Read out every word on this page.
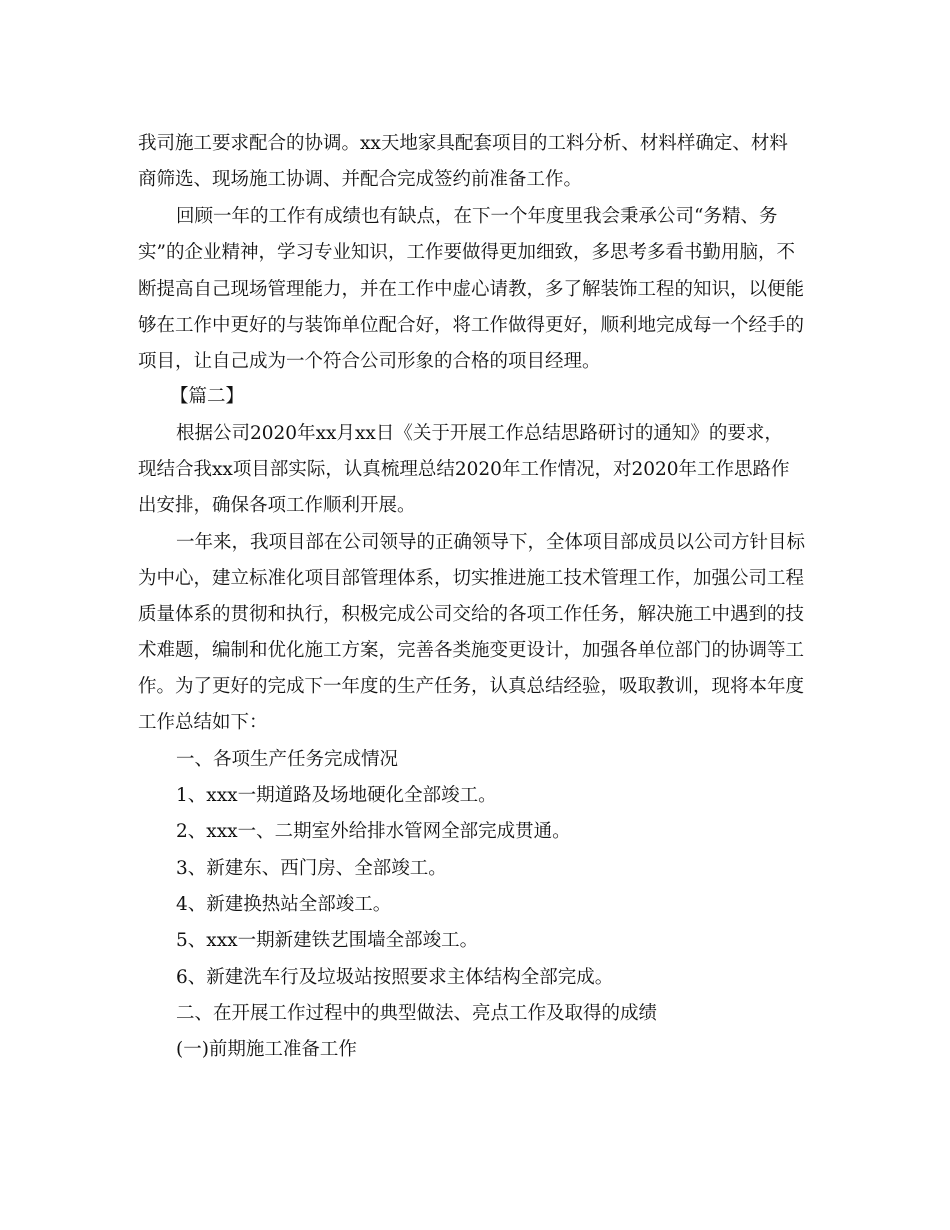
我司施工要求配合的协调。xx天地家具配套项目的工料分析、材料样确定、材料
商筛选、现场施工协调、并配合完成签约前准备工作。
回顾一年的工作有成绩也有缺点，在下一个年度里我会秉承公司“务精、务
实”的企业精神，学习专业知识，工作要做得更加细致，多思考多看书勤用脑，不
断提高自己现场管理能力，并在工作中虚心请教，多了解装饰工程的知识，以便能
够在工作中更好的与装饰单位配合好，将工作做得更好，顺利地完成每一个经手的
项目，让自己成为一个符合公司形象的合格的项目经理。
【篇二】
根据公司2020年xx月xx日《关于开展工作总结思路研讨的通知》的要求，
现结合我xx项目部实际，认真梳理总结2020年工作情况，对2020年工作思路作
出安排，确保各项工作顺利开展。
一年来，我项目部在公司领导的正确领导下，全体项目部成员以公司方针目标
为中心，建立标准化项目部管理体系，切实推进施工技术管理工作，加强公司工程
质量体系的贯彻和执行，积极完成公司交给的各项工作任务，解决施工中遇到的技
术难题，编制和优化施工方案，完善各类施变更设计，加强各单位部门的协调等工
作。为了更好的完成下一年度的生产任务，认真总结经验，吸取教训，现将本年度
工作总结如下：
一、各项生产任务完成情况
1、xxx一期道路及场地硬化全部竣工。
2、xxx一、二期室外给排水管网全部完成贯通。
3、新建东、西门房、全部竣工。
4、新建换热站全部竣工。
5、xxx一期新建铁艺围墙全部竣工。
6、新建洗车行及垃圾站按照要求主体结构全部完成。
二、在开展工作过程中的典型做法、亮点工作及取得的成绩
(一)前期施工准备工作
